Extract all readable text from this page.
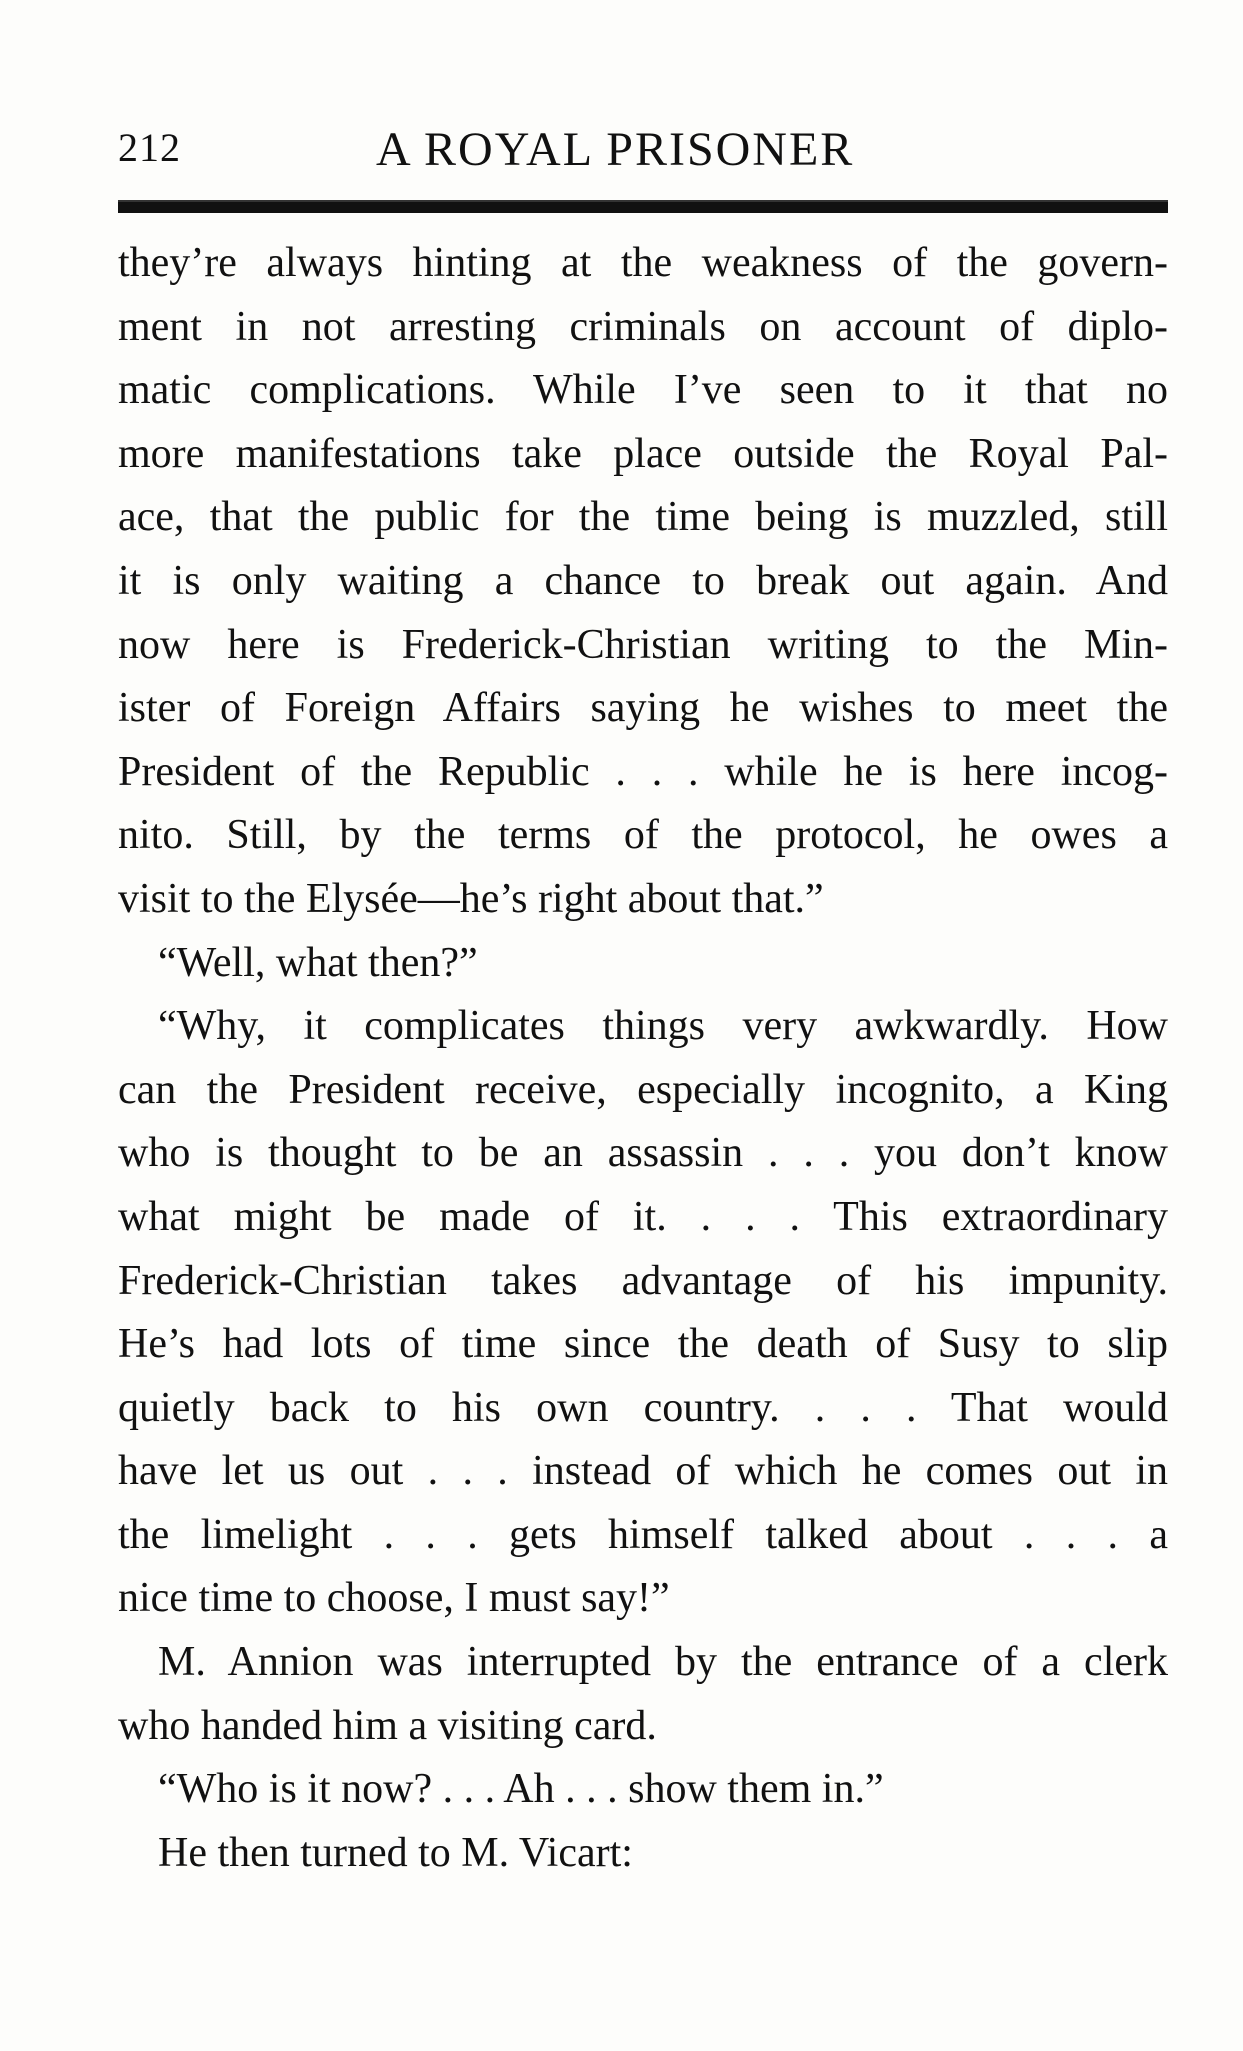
212	A ROYAL PRISONER
they’re always hinting at the weakness of the govern-
ment in not arresting criminals on account of diplo-
matic complications. While I’ve seen to it that no
more manifestations take place outside the Royal Pal-
ace, that the public for the time being is muzzled, still
it is only waiting a chance to break out again. And
now here is Frederick-Christian writing to the Min-
ister of Foreign Affairs saying he wishes to meet the
President of the Republic . . . while he is here incog-
nito. Still, by the terms of the protocol, he owes a
visit to the Elysée—he’s right about that.”
“Well, what then?”
“Why, it complicates things very awkwardly. How
can the President receive, especially incognito, a King
who is thought to be an assassin . . . you don’t know
what might be made of it. . . . This extraordinary
Frederick-Christian takes advantage of his impunity.
He’s had lots of time since the death of Susy to slip
quietly back to his own country. . . . That would
have let us out . . . instead of which he comes out in
the limelight . . . gets himself talked about . . . a
nice time to choose, I must say!”
M. Annion was interrupted by the entrance of a clerk
who handed him a visiting card.
“Who is it now? . . . Ah . . . show them in.”
He then turned to M. Vicart:
